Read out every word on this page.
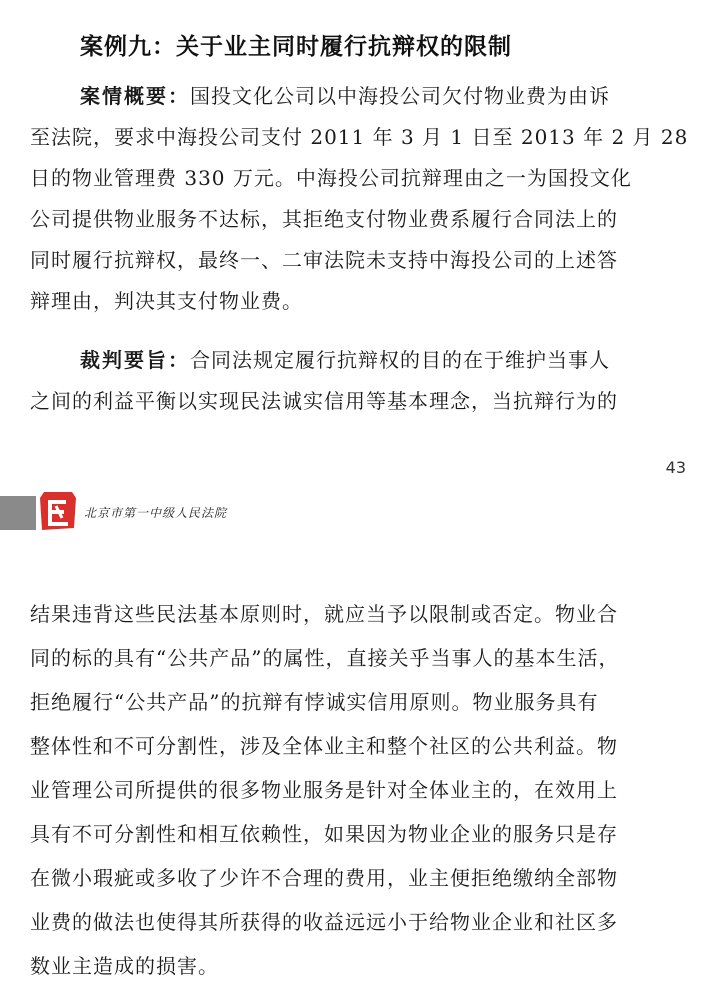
案例九：关于业主同时履行抗辩权的限制
案情概要：国投文化公司以中海投公司欠付物业费为由诉
至法院，要求中海投公司支付 2011 年 3 月 1 日至 2013 年 2 月 28
日的物业管理费 330 万元。中海投公司抗辩理由之一为国投文化
公司提供物业服务不达标，其拒绝支付物业费系履行合同法上的
同时履行抗辩权，最终一、二审法院未支持中海投公司的上述答
辩理由，判决其支付物业费。
裁判要旨：合同法规定履行抗辩权的目的在于维护当事人
之间的利益平衡以实现民法诚实信用等基本理念，当抗辩行为的
43
北京市第一中级人民法院
结果违背这些民法基本原则时，就应当予以限制或否定。物业合
同的标的具有“公共产品”的属性，直接关乎当事人的基本生活，
拒绝履行“公共产品”的抗辩有悖诚实信用原则。物业服务具有
整体性和不可分割性，涉及全体业主和整个社区的公共利益。物
业管理公司所提供的很多物业服务是针对全体业主的，在效用上
具有不可分割性和相互依赖性，如果因为物业企业的服务只是存
在微小瑕疵或多收了少许不合理的费用，业主便拒绝缴纳全部物
业费的做法也使得其所获得的收益远远小于给物业企业和社区多
数业主造成的损害。
